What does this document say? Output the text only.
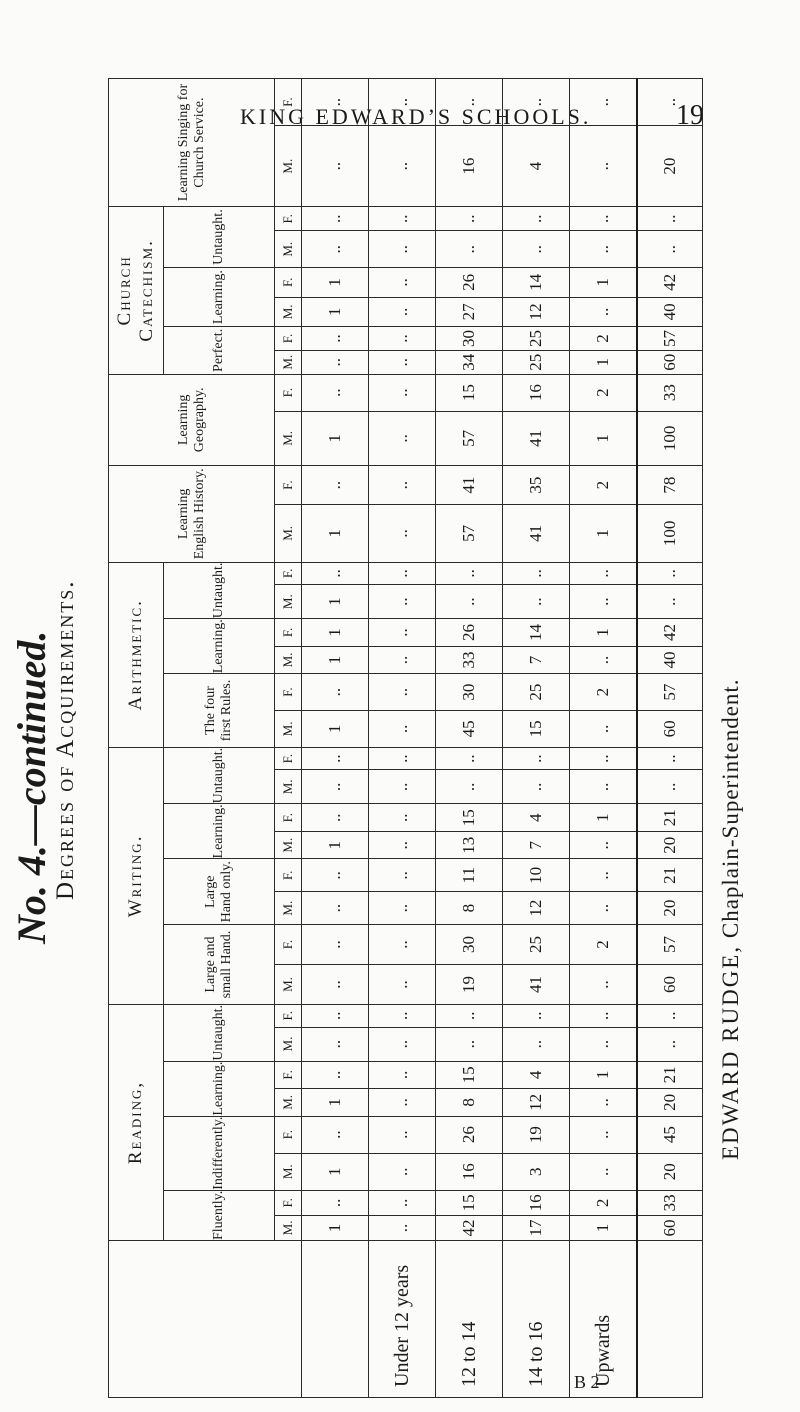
KING EDWARD’S SCHOOLS.	19
No. 4.—continued.
Degrees of Acquirements.
	Reading,								Writing.								Arithmetic.						Learning English History.		Learning Geography.		Church Catechism.						Learning Singing for Church Service.	
	Fluently.		Indifferently.		Learning.		Untaught.		Large and small Hand.		Large Hand only.		Learning.		Untaught.		The four first Rules.		Learning.		Untaught.						Perfect.		Learning.		Untaught.			
	M.	F.	M.	F.	M.	F.	M.	F.	M.	F.	M.	F.	M.	F.	M.	F.	M.	F.	M.	F.	M.	F.	M.	F.	M.	F.	M.	F.	M.	F.	M.	F.	M.	F.
	1	..	1	..	1	..	..	..	..	..	..	..	1	..	..	..	1	..	1	1	1	..	1	..	1	..	..	..	1	1	..	..	..	..
Under 12 years	..	..	..	..	..	..	..	..	..	..	..	..	..	..	..	..	..	..	..	..	..	..	..	..	..	..	..	..	..	..	..	..	..	..
12 to 14	42	15	16	26	8	15	..	..	19	30	8	11	13	15	..	..	45	30	33	26	..	..	57	41	57	15	34	30	27	26	..	..	16	..
14 to 16	17	16	3	19	12	4	..	..	41	25	12	10	7	4	..	..	15	25	7	14	..	..	41	35	41	16	25	25	12	14	..	..	4	..
Upwards	1	2	..	..	..	1	..	..	..	2	..	..	..	1	..	..	..	2	..	1	..	..	1	2	1	2	1	2	..	1	..	..	..	..
	60	33	20	45	20	21	..	..	60	57	20	21	20	21	..	..	60	57	40	42	..	..	100	78	100	33	60	57	40	42	..	..	20	..
EDWARD RUDGE, Chaplain-Superintendent.
B 2
